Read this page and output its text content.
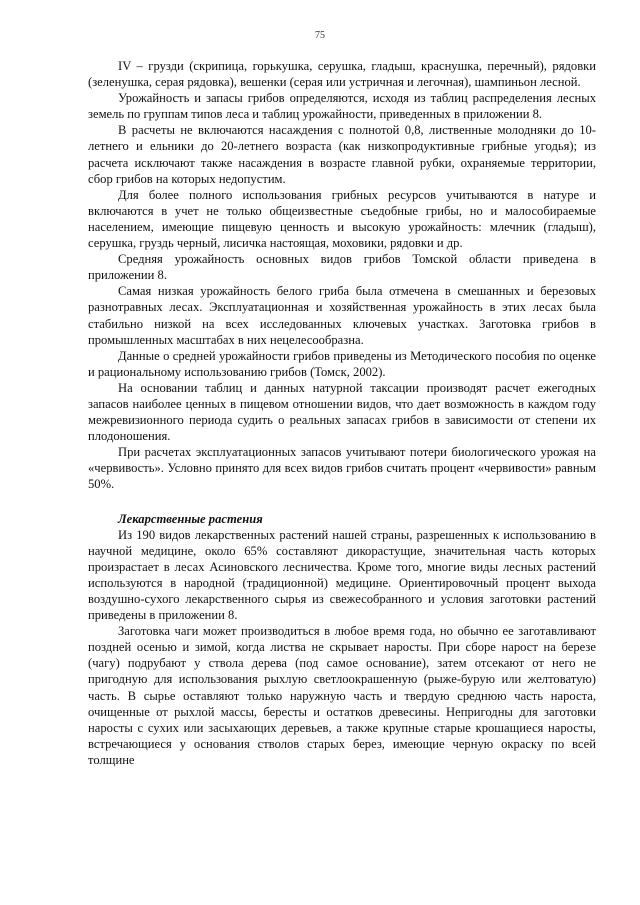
75

IV – грузди (скрипица, горькушка, серушка, гладыш, краснушка, перечный), рядовки (зеленушка, серая рядовка), вешенки (серая или устричная и легочная), шампиньон лесной.

Урожайность и запасы грибов определяются, исходя из таблиц распределения лесных земель по группам типов леса и таблиц урожайности, приведенных в приложении 8.

В расчеты не включаются насаждения с полнотой 0,8, лиственные молодняки до 10-летнего и ельники до 20-летнего возраста (как низкопродуктивные грибные угодья); из расчета исключают также насаждения в возрасте главной рубки, охраняемые территории, сбор грибов на которых недопустим.

Для более полного использования грибных ресурсов учитываются в натуре и включаются в учет не только общеизвестные съедобные грибы, но и малособираемые населением, имеющие пищевую ценность и высокую урожайность: млечник (гладыш), серушка, груздь черный, лисичка настоящая, моховики, рядовки и др.

Средняя урожайность основных видов грибов Томской области приведена в приложении 8.

Самая низкая урожайность белого гриба была отмечена в смешанных и березовых разнотравных лесах. Эксплуатационная и хозяйственная урожайность в этих лесах была стабильно низкой на всех исследованных ключевых участках. Заготовка грибов в промышленных масштабах в них нецелесообразна.

Данные о средней урожайности грибов приведены из Методического пособия по оценке и рациональному использованию грибов (Томск, 2002).

На основании таблиц и данных натурной таксации производят расчет ежегодных запасов наиболее ценных в пищевом отношении видов, что дает возможность в каждом году межревизионного периода судить о реальных запасах грибов в зависимости от степени их плодоношения.

При расчетах эксплуатационных запасов учитывают потери биологического урожая на «червивость». Условно принято для всех видов грибов считать процент «червивости» равным 50%.

Лекарственные растения

Из 190 видов лекарственных растений нашей страны, разрешенных к использованию в научной медицине, около 65% составляют дикорастущие, значительная часть которых произрастает в лесах Асиновского лесничества. Кроме того, многие виды лесных растений используются в народной (традиционной) медицине. Ориентировочный процент выхода воздушно-сухого лекарственного сырья из свежесобранного и условия заготовки растений приведены в приложении 8.

Заготовка чаги может производиться в любое время года, но обычно ее заготавливают поздней осенью и зимой, когда листва не скрывает наросты. При сборе нарост на березе (чагу) подрубают у ствола дерева (под самое основание), затем отсекают от него не пригодную для использования рыхлую светлоокрашенную (рыже-бурую или желтоватую) часть. В сырье оставляют только наружную часть и твердую среднюю часть нароста, очищенные от рыхлой массы, бересты и остатков древесины. Непригодны для заготовки наросты с сухих или засыхающих деревьев, а также крупные старые крошащиеся наросты, встречающиеся у основания стволов старых берез, имеющие черную окраску по всей толщине
